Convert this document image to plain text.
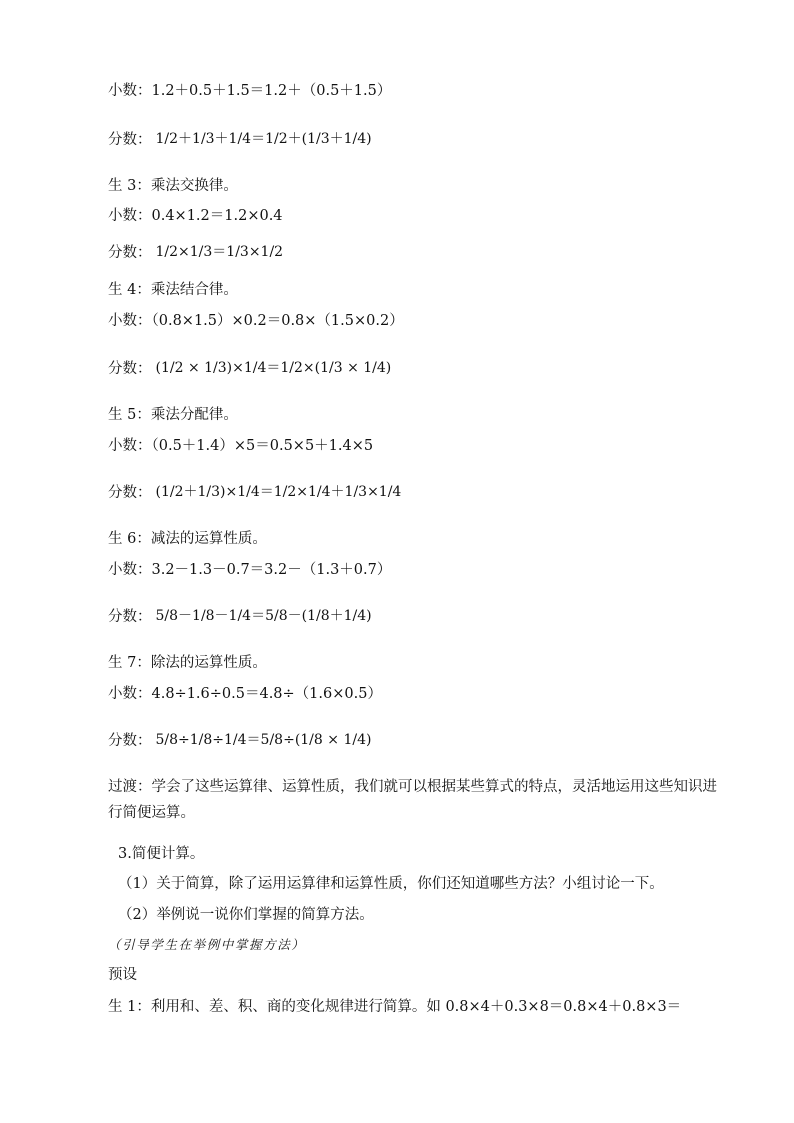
小数：1.2＋0.5＋1.5＝1.2＋（0.5＋1.5）
分数： 1/2＋1/3＋1/4＝1/2＋(1/3＋1/4)
生 3：乘法交换律。
小数：0.4×1.2＝1.2×0.4
分数： 1/2×1/3＝1/3×1/2
生 4：乘法结合律。
小数：（0.8×1.5）×0.2＝0.8×（1.5×0.2）
分数： (1/2 × 1/3)×1/4＝1/2×(1/3 × 1/4)
生 5：乘法分配律。
小数：（0.5＋1.4）×5＝0.5×5＋1.4×5
分数： (1/2＋1/3)×1/4＝1/2×1/4＋1/3×1/4
生 6：减法的运算性质。
小数：3.2－1.3－0.7＝3.2－（1.3＋0.7）
分数： 5/8－1/8－1/4＝5/8－(1/8＋1/4)
生 7：除法的运算性质。
小数：4.8÷1.6÷0.5＝4.8÷（1.6×0.5）
分数： 5/8÷1/8÷1/4＝5/8÷(1/8 × 1/4)
过渡：学会了这些运算律、运算性质，我们就可以根据某些算式的特点，灵活地运用这些知识进行简便运算。
3.简便计算。
（1）关于简算，除了运用运算律和运算性质，你们还知道哪些方法？小组讨论一下。
（2）举例说一说你们掌握的简算方法。
（引导学生在举例中掌握方法）
预设
生 1：利用和、差、积、商的变化规律进行简算。如 0.8×4＋0.3×8＝0.8×4＋0.8×3＝
